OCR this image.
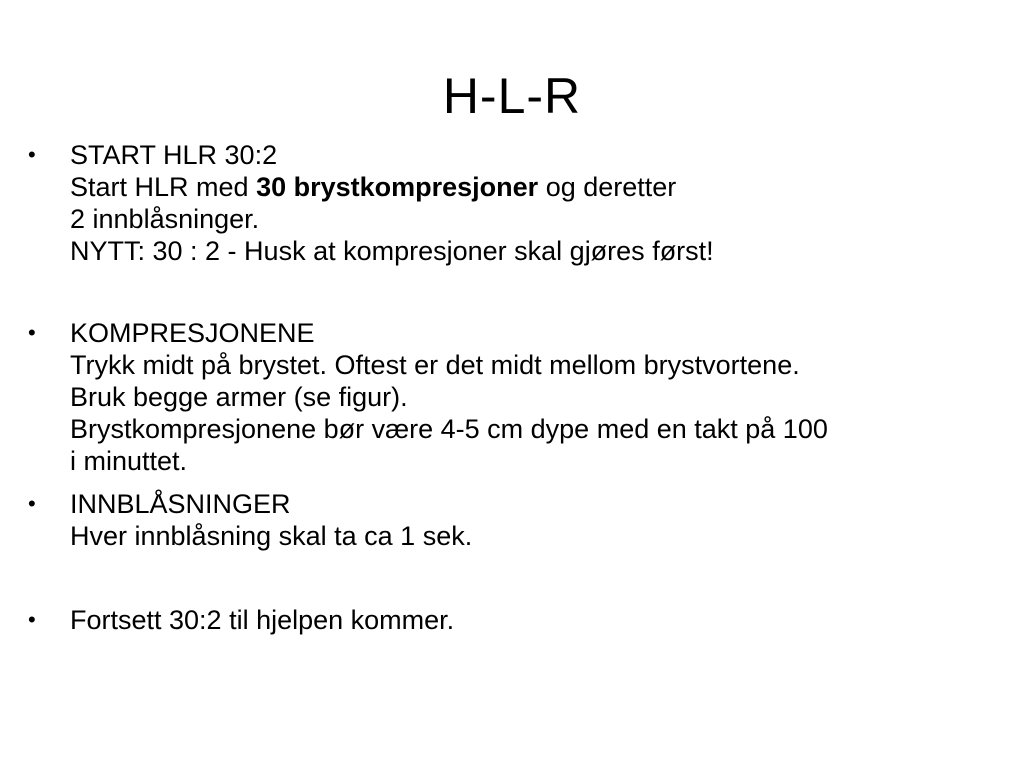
H-L-R
•	START HLR 30:2
Start HLR med 30 brystkompresjoner og deretter
2 innblåsninger.
NYTT: 30 : 2 - Husk at kompresjoner skal gjøres først!
•	KOMPRESJONENE
Trykk midt på brystet. Oftest er det midt mellom brystvortene.
Bruk begge armer (se figur).
Brystkompresjonene bør være 4-5 cm dype med en takt på 100
i minuttet.
•	INNBLÅSNINGER
Hver innblåsning skal ta ca 1 sek.
•	Fortsett 30:2 til hjelpen kommer.
